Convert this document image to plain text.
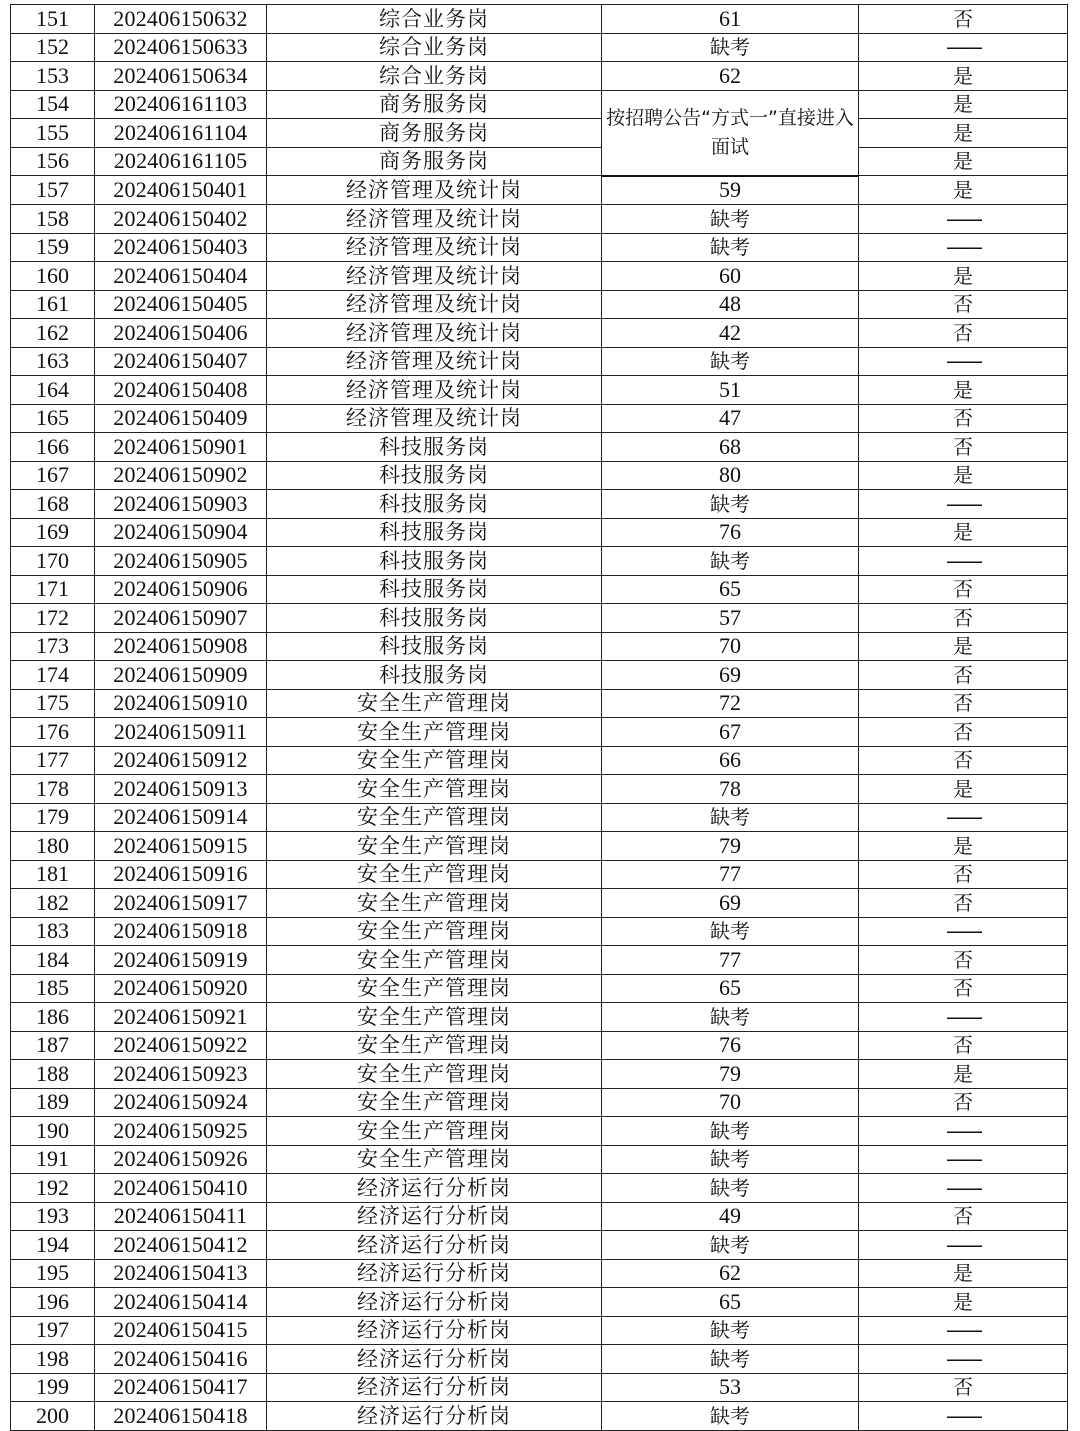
151	202406150632	综合业务岗	61	否
152	202406150633	综合业务岗	缺考	——
153	202406150634	综合业务岗	62	是
154	202406161103	商务服务岗	按招聘公告“方式一”直接进入面试	是
155	202406161104	商务服务岗		是
156	202406161105	商务服务岗		是
157	202406150401	经济管理及统计岗	59	是
158	202406150402	经济管理及统计岗	缺考	——
159	202406150403	经济管理及统计岗	缺考	——
160	202406150404	经济管理及统计岗	60	是
161	202406150405	经济管理及统计岗	48	否
162	202406150406	经济管理及统计岗	42	否
163	202406150407	经济管理及统计岗	缺考	——
164	202406150408	经济管理及统计岗	51	是
165	202406150409	经济管理及统计岗	47	否
166	202406150901	科技服务岗	68	否
167	202406150902	科技服务岗	80	是
168	202406150903	科技服务岗	缺考	——
169	202406150904	科技服务岗	76	是
170	202406150905	科技服务岗	缺考	——
171	202406150906	科技服务岗	65	否
172	202406150907	科技服务岗	57	否
173	202406150908	科技服务岗	70	是
174	202406150909	科技服务岗	69	否
175	202406150910	安全生产管理岗	72	否
176	202406150911	安全生产管理岗	67	否
177	202406150912	安全生产管理岗	66	否
178	202406150913	安全生产管理岗	78	是
179	202406150914	安全生产管理岗	缺考	——
180	202406150915	安全生产管理岗	79	是
181	202406150916	安全生产管理岗	77	否
182	202406150917	安全生产管理岗	69	否
183	202406150918	安全生产管理岗	缺考	——
184	202406150919	安全生产管理岗	77	否
185	202406150920	安全生产管理岗	65	否
186	202406150921	安全生产管理岗	缺考	——
187	202406150922	安全生产管理岗	76	否
188	202406150923	安全生产管理岗	79	是
189	202406150924	安全生产管理岗	70	否
190	202406150925	安全生产管理岗	缺考	——
191	202406150926	安全生产管理岗	缺考	——
192	202406150410	经济运行分析岗	缺考	——
193	202406150411	经济运行分析岗	49	否
194	202406150412	经济运行分析岗	缺考	——
195	202406150413	经济运行分析岗	62	是
196	202406150414	经济运行分析岗	65	是
197	202406150415	经济运行分析岗	缺考	——
198	202406150416	经济运行分析岗	缺考	——
199	202406150417	经济运行分析岗	53	否
200	202406150418	经济运行分析岗	缺考	——
